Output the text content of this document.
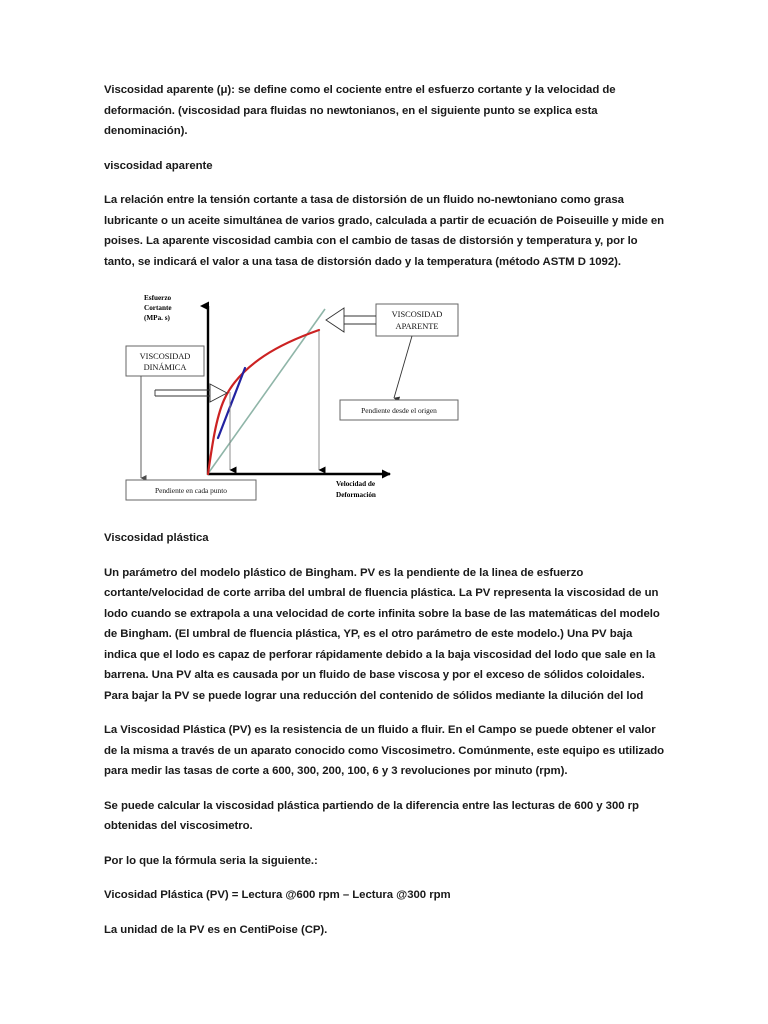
Viscosidad aparente (μ): se define como el cociente entre el esfuerzo cortante y la velocidad de deformación. (viscosidad para fluidas no newtonianos, en el siguiente punto se explica esta denominación).

viscosidad aparente

La relación entre la tensión cortante a tasa de distorsión de un fluido no-newtoniano como grasa lubricante o un aceite simultánea de varios grado, calculada a partir de ecuación de Poiseuille y mide en poises. La aparente viscosidad cambia con el cambio de tasas de distorsión y temperatura y, por lo tanto, se indicará el valor a una tasa de distorsión dado y la temperatura (método ASTM D 1092).

Esfuerzo
Cortante
(MPa. s)
VISCOSIDAD
DINÁMICA
VISCOSIDAD
APARENTE
Pendiente desde el origen
Pendiente en cada punto
Velocidad de
Deformación

Viscosidad plástica

Un parámetro del modelo plástico de Bingham. PV es la pendiente de la linea de esfuerzo cortante/velocidad de corte arriba del umbral de fluencia plástica. La PV representa la viscosidad de un lodo cuando se extrapola a una velocidad de corte infinita sobre la base de las matemáticas del modelo de Bingham. (El umbral de fluencia plástica, YP, es el otro parámetro de este modelo.) Una PV baja indica que el lodo es capaz de perforar rápidamente debido a la baja viscosidad del lodo que sale en la barrena. Una PV alta es causada por un fluido de base viscosa y por el exceso de sólidos coloidales. Para bajar la PV se puede lograr una reducción del contenido de sólidos mediante la dilución del lod

La Viscosidad Plástica (PV) es la resistencia de un fluido a fluir. En el Campo se puede obtener el valor de la misma a través de un aparato conocido como Viscosimetro. Comúnmente, este equipo es utilizado para medir las tasas de corte a 600, 300, 200, 100, 6 y 3 revoluciones por minuto (rpm).

Se puede calcular la viscosidad plástica partiendo de la diferencia entre las lecturas de 600 y 300 rp obtenidas del viscosimetro.

Por lo que la fórmula seria la siguiente.:

Vicosidad Plástica (PV) = Lectura @600 rpm – Lectura @300 rpm

La unidad de la PV es en CentiPoise (CP).
